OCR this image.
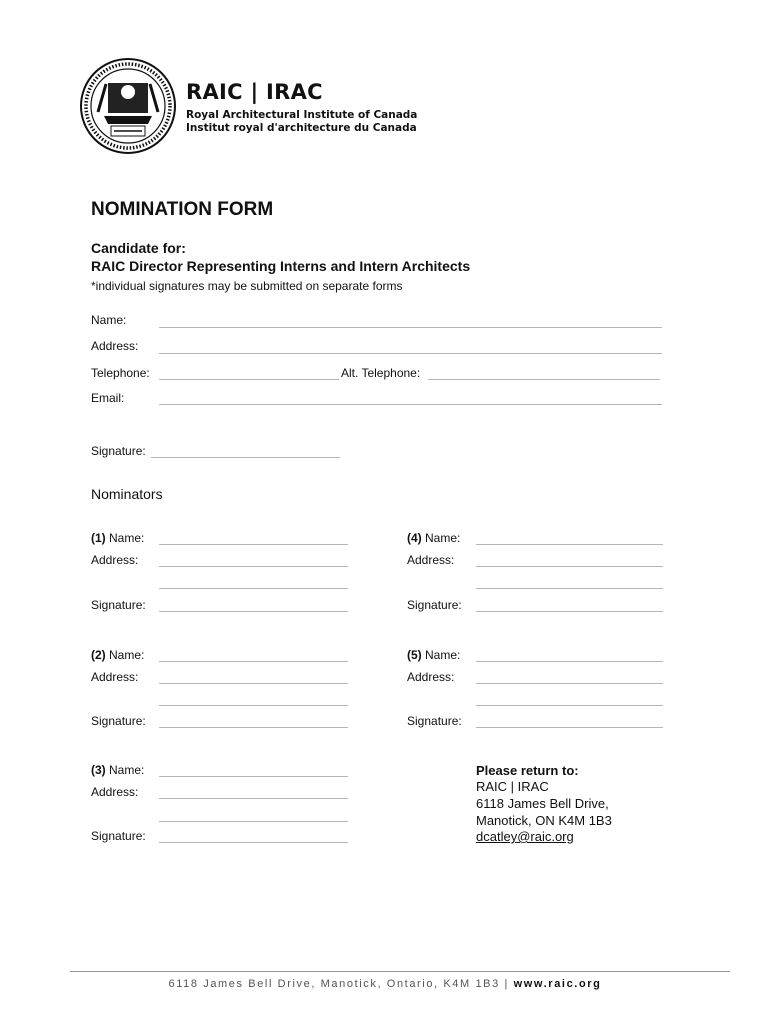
RAIC | IRAC
Royal Architectural Institute of Canada
Institut royal d'architecture du Canada
NOMINATION FORM
Candidate for:
RAIC Director Representing Interns and Intern Architects
*individual signatures may be submitted on separate forms
Name:
Address:
Telephone:	Alt. Telephone:
Email:
Signature:
Nominators
(1) Name:
Address:
Signature:
(4) Name:
Address:
Signature:
(2) Name:
Address:
Signature:
(5) Name:
Address:
Signature:
(3) Name:
Address:
Signature:
Please return to:
RAIC | IRAC
6118 James Bell Drive,
Manotick, ON K4M 1B3
dcatley@raic.org
6118 James Bell Drive, Manotick, Ontario, K4M 1B3 | www.raic.org
